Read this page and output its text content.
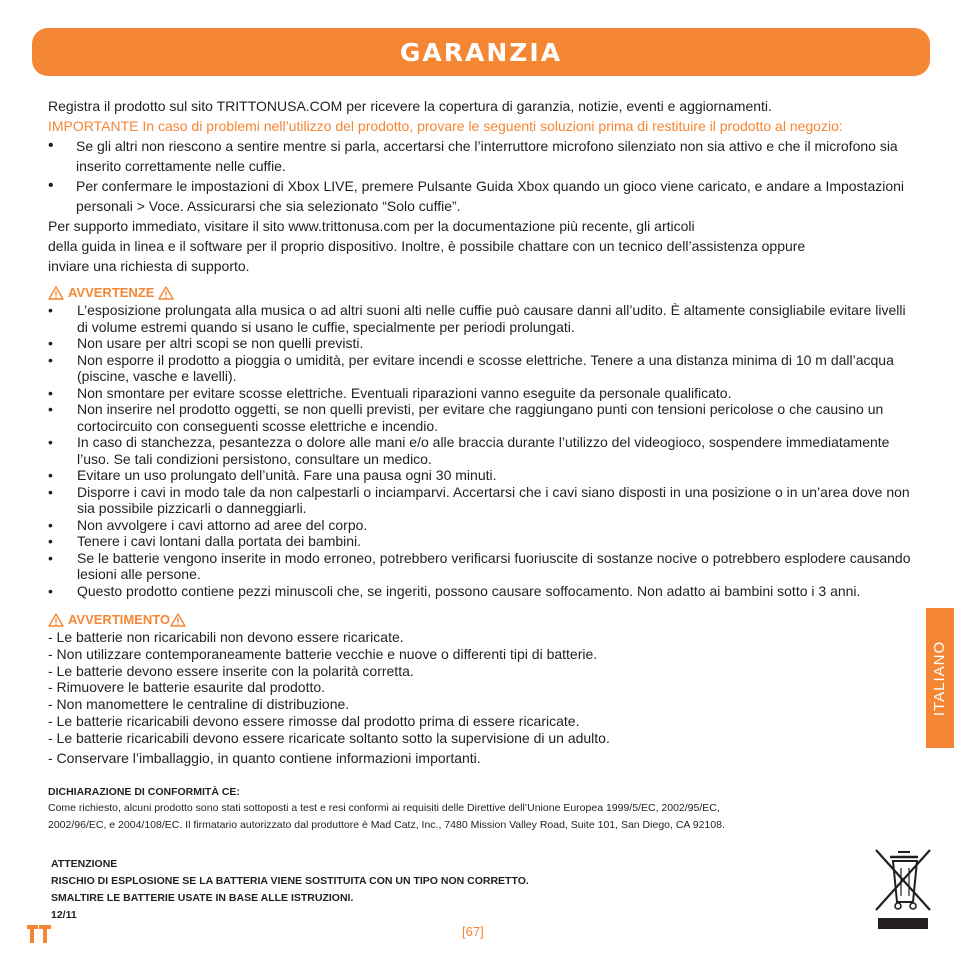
GARANZIA
Registra il prodotto sul sito TRITTONUSA.COM per ricevere la copertura di garanzia, notizie, eventi e aggiornamenti.
IMPORTANTE In caso di problemi nell’utilizzo del prodotto, provare le seguenti soluzioni prima di restituire il prodotto al negozio:
•	Se gli altri non riescono a sentire mentre si parla, accertarsi che l’interruttore microfono silenziato non sia attivo e che il microfono sia inserito correttamente nelle cuffie.
•	Per confermare le impostazioni di Xbox LIVE, premere Pulsante Guida Xbox quando un gioco viene caricato, e andare a Impostazioni personali > Voce. Assicurarsi che sia selezionato “Solo cuffie”.
Per supporto immediato, visitare il sito www.trittonusa.com per la documentazione più recente, gli articoli
della guida in linea e il software per il proprio dispositivo. Inoltre, è possibile chattare con un tecnico dell’assistenza oppure
inviare una richiesta di supporto.
AVVERTENZE
•	L’esposizione prolungata alla musica o ad altri suoni alti nelle cuffie può causare danni all’udito. È altamente consigliabile evitare livelli di volume estremi quando si usano le cuffie, specialmente per periodi prolungati.
•	Non usare per altri scopi se non quelli previsti.
•	Non esporre il prodotto a pioggia o umidità, per evitare incendi e scosse elettriche. Tenere a una distanza minima di 10 m dall’acqua (piscine, vasche e lavelli).
•	Non smontare per evitare scosse elettriche. Eventuali riparazioni vanno eseguite da personale qualificato.
•	Non inserire nel prodotto oggetti, se non quelli previsti, per evitare che raggiungano punti con tensioni pericolose o che causino un cortocircuito con conseguenti scosse elettriche e incendio.
•	In caso di stanchezza, pesantezza o dolore alle mani e/o alle braccia durante l’utilizzo del videogioco, sospendere immediatamente l’uso. Se tali condizioni persistono, consultare un medico.
•	Evitare un uso prolungato dell’unità. Fare una pausa ogni 30 minuti.
•	Disporre i cavi in modo tale da non calpestarli o inciamparvi. Accertarsi che i cavi siano disposti in una posizione o in un’area dove non sia possibile pizzicarli o danneggiarli.
•	Non avvolgere i cavi attorno ad aree del corpo.
•	Tenere i cavi lontani dalla portata dei bambini.
•	Se le batterie vengono inserite in modo erroneo, potrebbero verificarsi fuoriuscite di sostanze nocive o potrebbero esplodere causando lesioni alle persone.
•	Questo prodotto contiene pezzi minuscoli che, se ingeriti, possono causare soffocamento. Non adatto ai bambini sotto i 3 anni.
AVVERTIMENTO
- Le batterie non ricaricabili non devono essere ricaricate.
- Non utilizzare contemporaneamente batterie vecchie e nuove o differenti tipi di batterie.
- Le batterie devono essere inserite con la polarità corretta.
- Rimuovere le batterie esaurite dal prodotto.
- Non manomettere le centraline di distribuzione.
- Le batterie ricaricabili devono essere rimosse dal prodotto prima di essere ricaricate.
- Le batterie ricaricabili devono essere ricaricate soltanto sotto la supervisione di un adulto.
- Conservare l’imballaggio, in quanto contiene informazioni importanti.
DICHIARAZIONE DI CONFORMITÀ CE:
Come richiesto, alcuni prodotto sono stati sottoposti a test e resi conformi ai requisiti delle Direttive dell’Unione Europea 1999/5/EC, 2002/95/EC,
2002/96/EC, e 2004/108/EC. Il firmatario autorizzato dal produttore è Mad Catz, Inc., 7480 Mission Valley Road, Suite 101, San Diego, CA 92108.
ATTENZIONE
RISCHIO DI ESPLOSIONE SE LA BATTERIA VIENE SOSTITUITA CON UN TIPO NON CORRETTO.
SMALTIRE LE BATTERIE USATE IN BASE ALLE ISTRUZIONI.
12/11
ITALIANO
[67]
